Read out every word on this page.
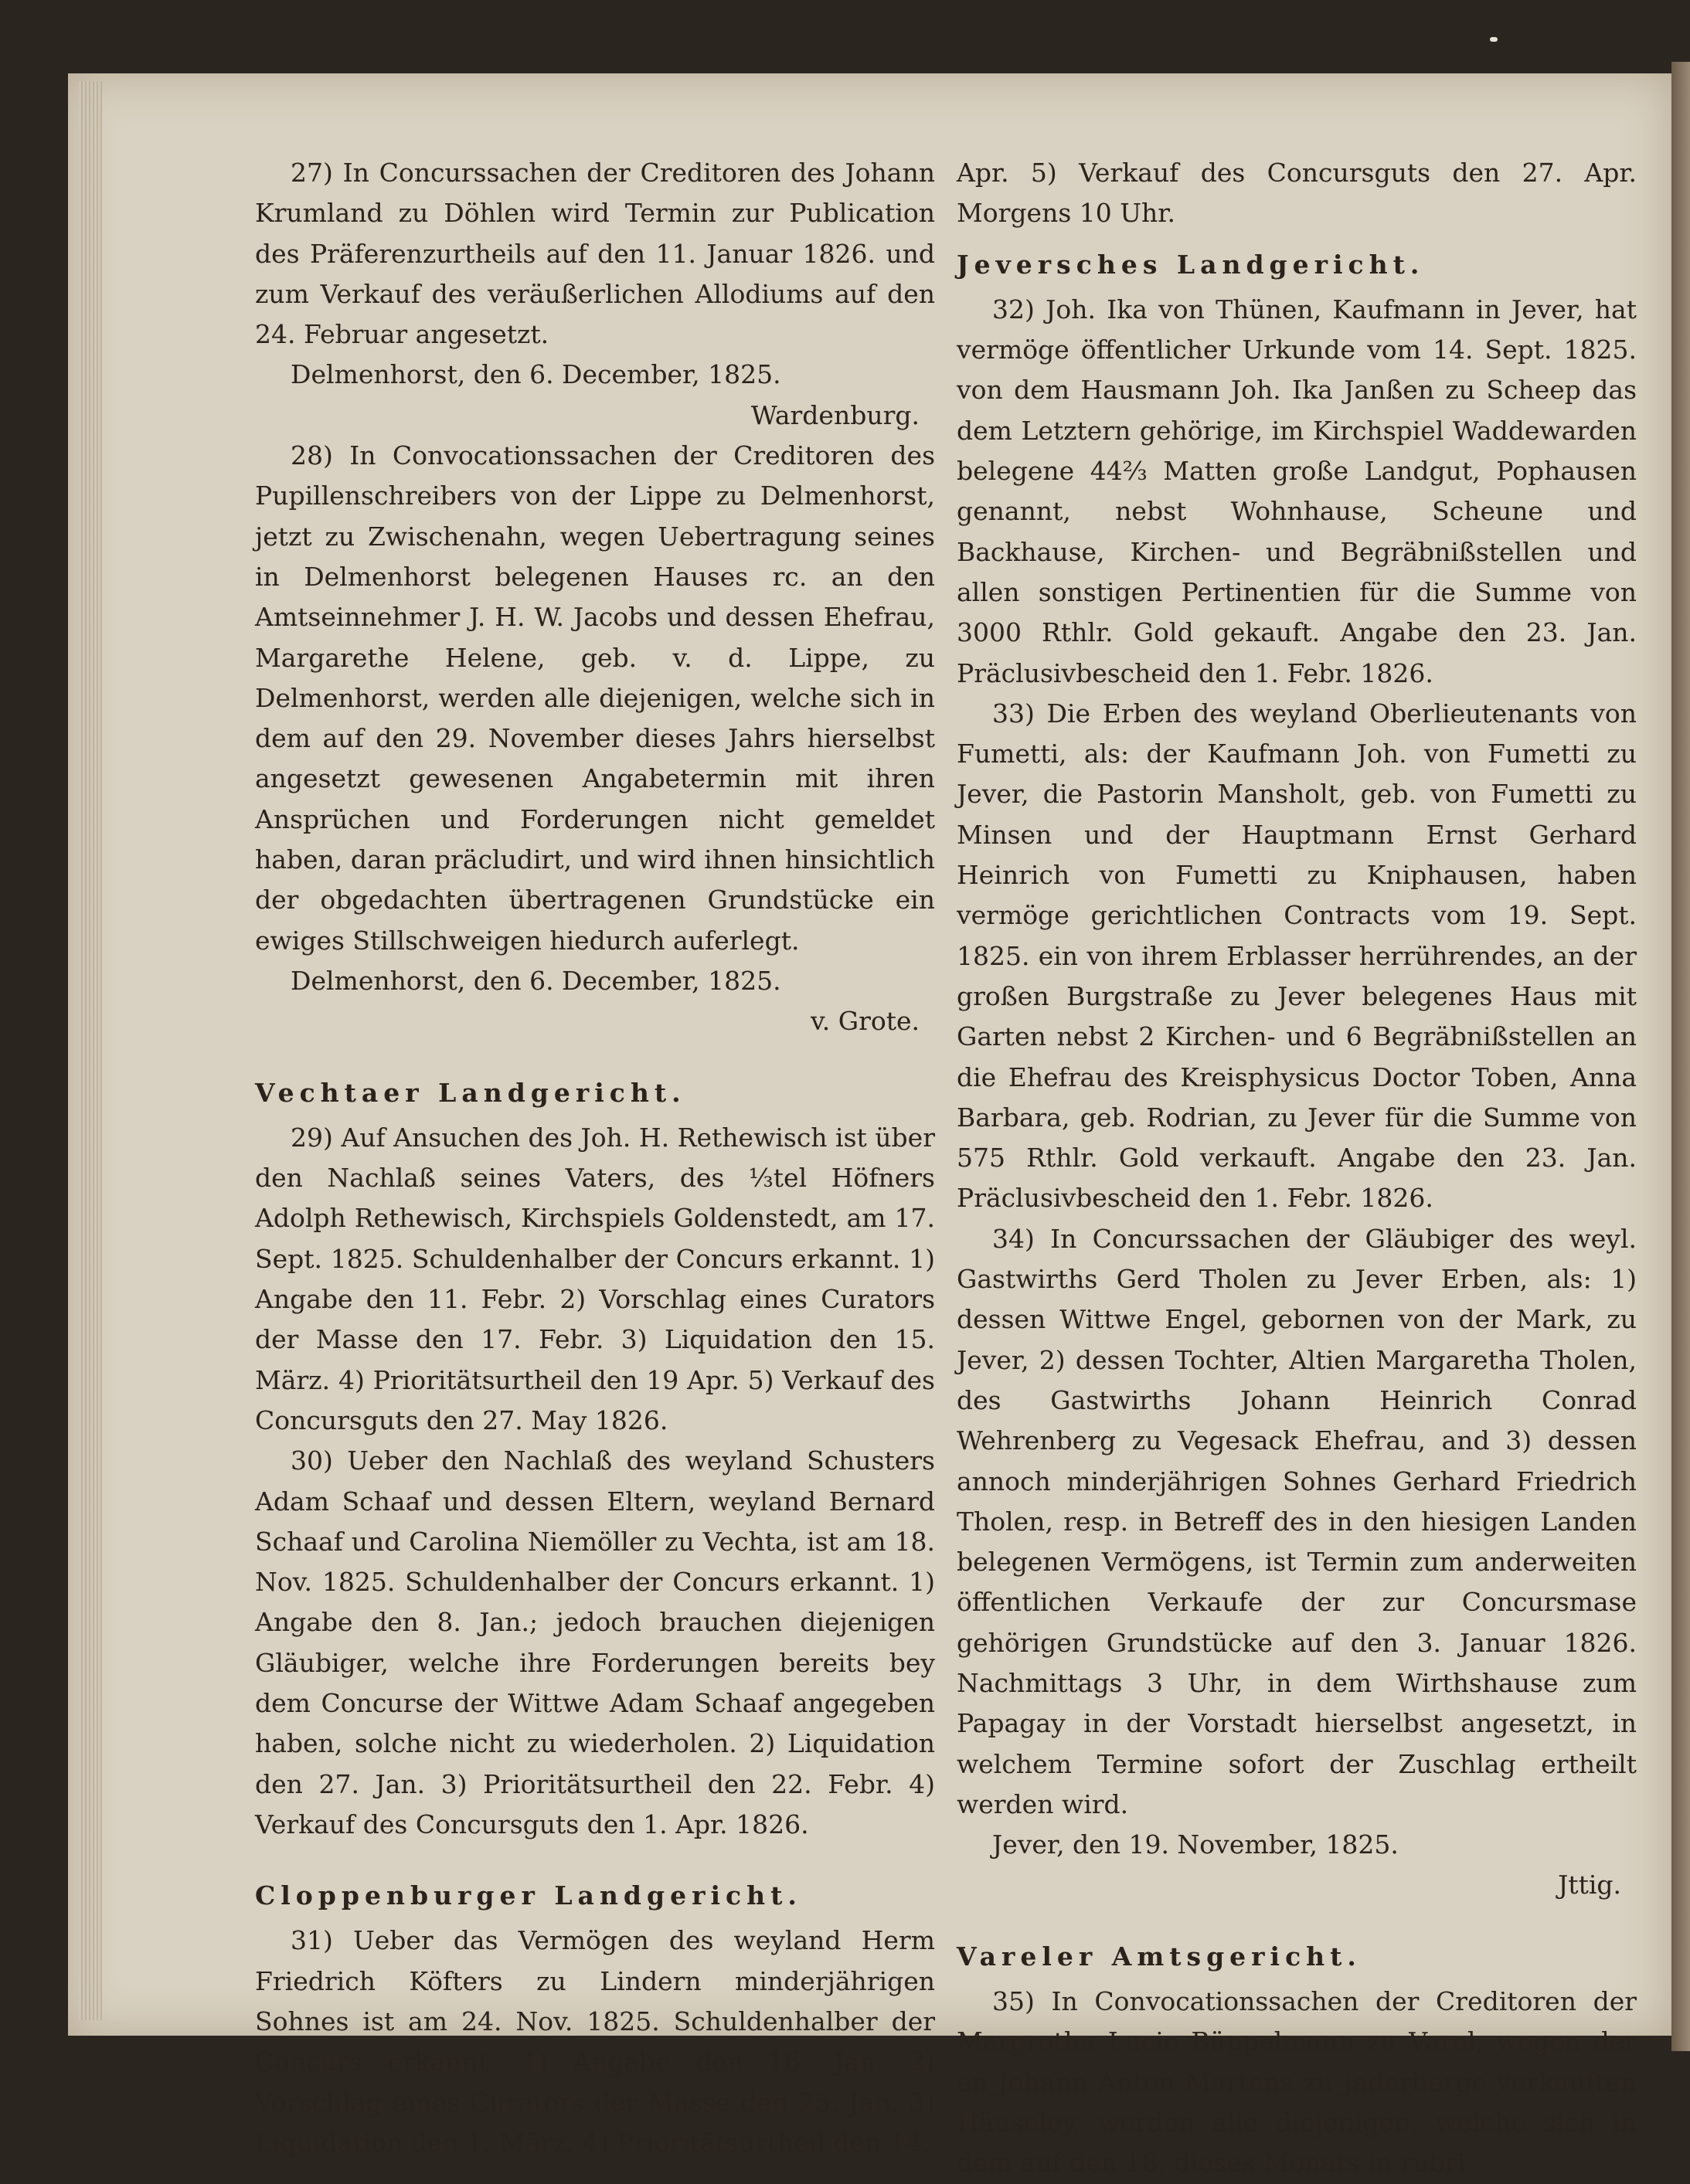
27) In Concurssachen der Creditoren des Johann Krumland zu Döhlen wird Termin zur Publication des Präferenzurtheils auf den 11. Januar 1826. und zum Verkauf des veräußerlichen Allodiums auf den 24. Februar angesetzt.

Delmenhorst, den 6. December, 1825.

Wardenburg.

28) In Convocationssachen der Creditoren des Pupillenschreibers von der Lippe zu Delmenhorst, jetzt zu Zwischenahn, wegen Uebertragung seines in Delmenhorst belegenen Hauses rc. an den Amtseinnehmer J. H. W. Jacobs und dessen Ehefrau, Margarethe Helene, geb. v. d. Lippe, zu Delmenhorst, werden alle diejenigen, welche sich in dem auf den 29. November dieses Jahrs hierselbst angesetzt gewesenen Angabetermin mit ihren Ansprüchen und Forderungen nicht gemeldet haben, daran präcludirt, und wird ihnen hinsichtlich der obgedachten übertragenen Grundstücke ein ewiges Stillschweigen hiedurch auferlegt.

Delmenhorst, den 6. December, 1825.

v. Grote.

Vechtaer Landgericht.

29) Auf Ansuchen des Joh. H. Rethewisch ist über den Nachlaß seines Vaters, des ⅓tel Höfners Adolph Rethewisch, Kirchspiels Goldenstedt, am 17. Sept. 1825. Schuldenhalber der Concurs erkannt. 1) Angabe den 11. Febr. 2) Vorschlag eines Curators der Masse den 17. Febr. 3) Liquidation den 15. März. 4) Prioritätsurtheil den 19 Apr. 5) Verkauf des Concursguts den 27. May 1826.

30) Ueber den Nachlaß des weyland Schusters Adam Schaaf und dessen Eltern, weyland Bernard Schaaf und Carolina Niemöller zu Vechta, ist am 18. Nov. 1825. Schuldenhalber der Concurs erkannt. 1) Angabe den 8. Jan.; jedoch brauchen diejenigen Gläubiger, welche ihre Forderungen bereits bey dem Concurse der Wittwe Adam Schaaf angegeben haben, solche nicht zu wiederholen. 2) Liquidation den 27. Jan. 3) Prioritätsurtheil den 22. Febr. 4) Verkauf des Concursguts den 1. Apr. 1826.

Cloppenburger Landgericht.

31) Ueber das Vermögen des weyland Herm Friedrich Köfters zu Lindern minderjährigen Sohnes ist am 24. Nov. 1825. Schuldenhalber der Concurs erkannt. 1) Angabe den 16. Jan. 2) Vorschlag eines Curators der Masse den 25. Jan. 3) Liquidation den 1. März. 4) Prioritätsurtheil den 14.

Apr. 5) Verkauf des Concursguts den 27. Apr. Morgens 10 Uhr.

Jeversches Landgericht.

32) Joh. Ika von Thünen, Kaufmann in Jever, hat vermöge öffentlicher Urkunde vom 14. Sept. 1825. von dem Hausmann Joh. Ika Janßen zu Scheep das dem Letztern gehörige, im Kirchspiel Waddewarden belegene 44⅔ Matten große Landgut, Pophausen genannt, nebst Wohnhause, Scheune und Backhause, Kirchen- und Begräbnißstellen und allen sonstigen Pertinentien für die Summe von 3000 Rthlr. Gold gekauft. Angabe den 23. Jan. Präclusivbescheid den 1. Febr. 1826.

33) Die Erben des weyland Oberlieutenants von Fumetti, als: der Kaufmann Joh. von Fumetti zu Jever, die Pastorin Mansholt, geb. von Fumetti zu Minsen und der Hauptmann Ernst Gerhard Heinrich von Fumetti zu Kniphausen, haben vermöge gerichtlichen Contracts vom 19. Sept. 1825. ein von ihrem Erblasser herrührendes, an der großen Burgstraße zu Jever belegenes Haus mit Garten nebst 2 Kirchen- und 6 Begräbnißstellen an die Ehefrau des Kreisphysicus Doctor Toben, Anna Barbara, geb. Rodrian, zu Jever für die Summe von 575 Rthlr. Gold verkauft. Angabe den 23. Jan. Präclusivbescheid den 1. Febr. 1826.

34) In Concurssachen der Gläubiger des weyl. Gastwirths Gerd Tholen zu Jever Erben, als: 1) dessen Wittwe Engel, gebornen von der Mark, zu Jever, 2) dessen Tochter, Altien Margaretha Tholen, des Gastwirths Johann Heinrich Conrad Wehrenberg zu Vegesack Ehefrau, and 3) dessen annoch minderjährigen Sohnes Gerhard Friedrich Tholen, resp. in Betreff des in den hiesigen Landen belegenen Vermögens, ist Termin zum anderweiten öffentlichen Verkaufe der zur Concursmase gehörigen Grundstücke auf den 3. Januar 1826. Nachmittags 3 Uhr, in dem Wirthshause zum Papagay in der Vorstadt hierselbst angesetzt, in welchem Termine sofort der Zuschlag ertheilt werden wird.

Jever, den 19. November, 1825.

Jttig.

Vareler Amtsgericht.

35) In Convocationssachen der Creditoren der Margretha Lucie Büppelmann zu Varel, wegen der an Johann Anton Martens zu Jaderberge verkauften Häuseley, werden alle diejenigen, welche sich in dem auf den 18. dieses Monats in rubri-
